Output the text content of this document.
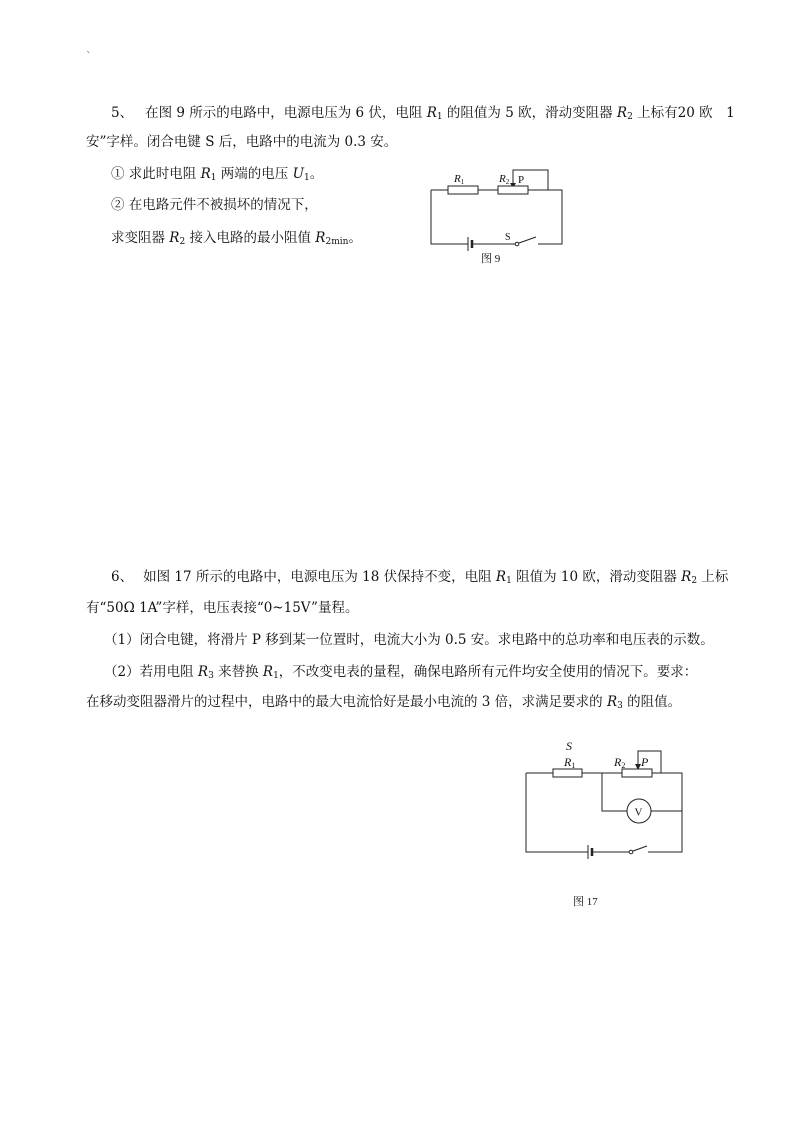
`
5、 在图 9 所示的电路中，电源电压为 6 伏，电阻 $R_1$ 的阻值为 5 欧，滑动变阻器 $R_2$ 上标有20 欧　1
安”字样。闭合电键 S 后，电路中的电流为 0.3 安。
① 求此时电阻 $R_1$ 两端的电压 $U_1$。
② 在电路元件不被损坏的情况下，
求变阻器 $R_2$ 接入电路的最小阻值 $R_{2min}$。
R1	R2 P
S
图 9
6、 如图 17 所示的电路中，电源电压为 18 伏保持不变，电阻 $R_1$ 阻值为 10 欧，滑动变阻器 $R_2$ 上标
有“50Ω 1A”字样，电压表接“0~15V”量程。
（1）闭合电键，将滑片 P 移到某一位置时，电流大小为 0.5 安。求电路中的总功率和电压表的示数。
（2）若用电阻 $R_3$ 来替换 $R_1$，不改变电表的量程，确保电路所有元件均安全使用的情况下。要求：
在移动变阻器滑片的过程中，电路中的最大电流恰好是最小电流的 3 倍，求满足要求的 $R_3$ 的阻值。
V
S
R1	R2 P
图 17
